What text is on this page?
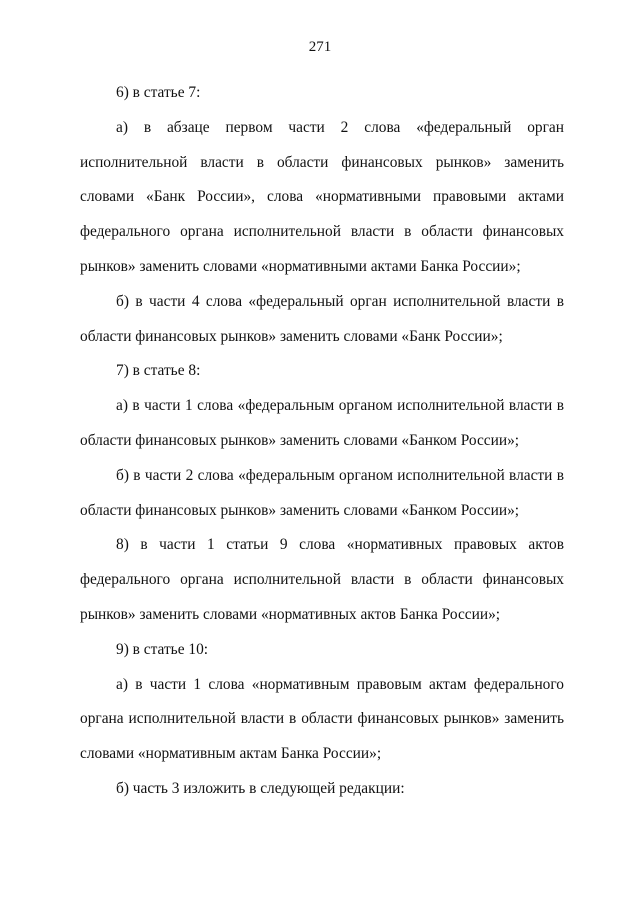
271

6) в статье 7:

а) в абзаце первом части 2 слова «федеральный орган исполнительной власти в области финансовых рынков» заменить словами «Банк России», слова «нормативными правовыми актами федерального органа исполнительной власти в области финансовых рынков» заменить словами «нормативными актами Банка России»;

б) в части 4 слова «федеральный орган исполнительной власти в области финансовых рынков» заменить словами «Банк России»;

7) в статье 8:

а) в части 1 слова «федеральным органом исполнительной власти в области финансовых рынков» заменить словами «Банком России»;

б) в части 2 слова «федеральным органом исполнительной власти в области финансовых рынков» заменить словами «Банком России»;

8) в части 1 статьи 9 слова «нормативных правовых актов федерального органа исполнительной власти в области финансовых рынков» заменить словами «нормативных актов Банка России»;

9) в статье 10:

а) в части 1 слова «нормативным правовым актам федерального органа исполнительной власти в области финансовых рынков» заменить словами «нормативным актам Банка России»;

б) часть 3 изложить в следующей редакции:
